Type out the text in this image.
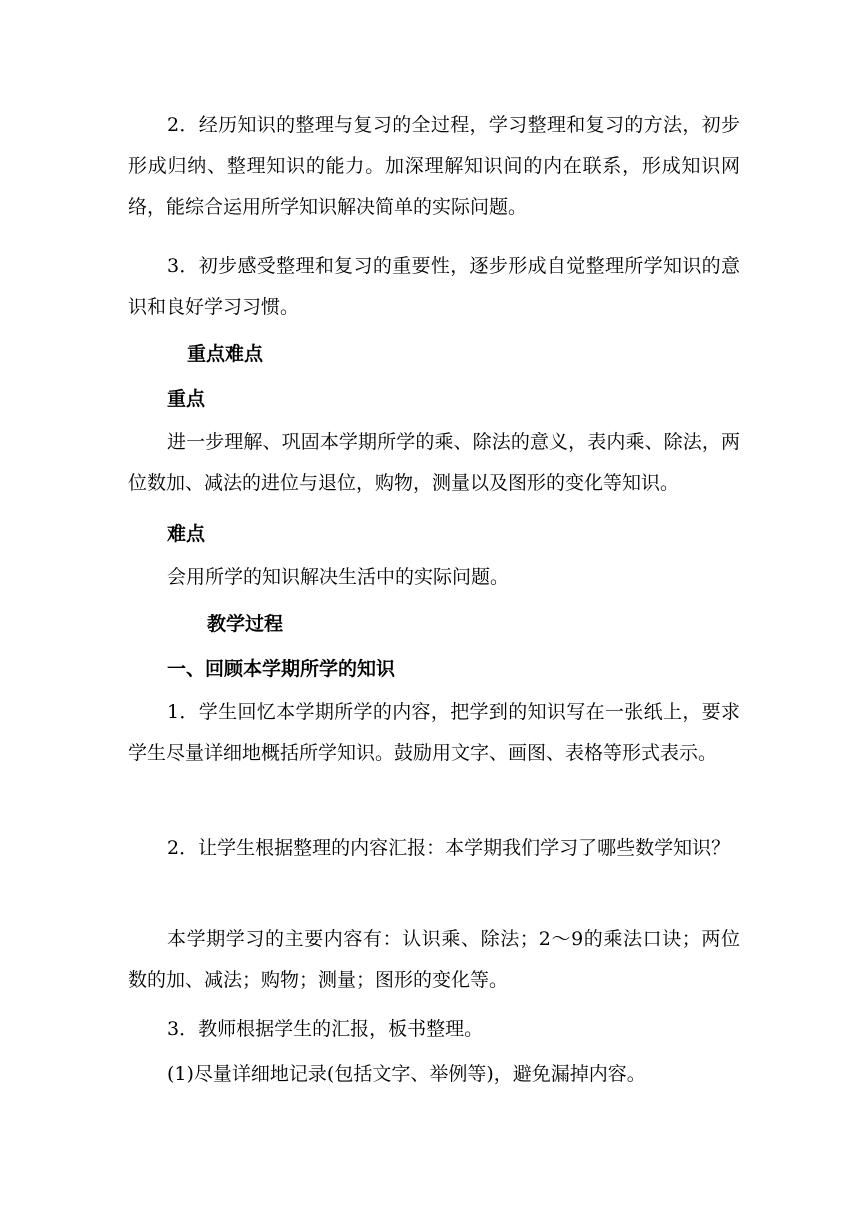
2．经历知识的整理与复习的全过程，学习整理和复习的方法，初步形成归纳、整理知识的能力。加深理解知识间的内在联系，形成知识网络，能综合运用所学知识解决简单的实际问题。

3．初步感受整理和复习的重要性，逐步形成自觉整理所学知识的意识和良好学习习惯。

重点难点

重点

进一步理解、巩固本学期所学的乘、除法的意义，表内乘、除法，两位数加、减法的进位与退位，购物，测量以及图形的变化等知识。

难点

会用所学的知识解决生活中的实际问题。

教学过程

一、回顾本学期所学的知识

1．学生回忆本学期所学的内容，把学到的知识写在一张纸上，要求学生尽量详细地概括所学知识。鼓励用文字、画图、表格等形式表示。

2．让学生根据整理的内容汇报：本学期我们学习了哪些数学知识？

本学期学习的主要内容有：认识乘、除法；2～9的乘法口诀；两位数的加、减法；购物；测量；图形的变化等。

3．教师根据学生的汇报，板书整理。

(1)尽量详细地记录(包括文字、举例等)，避免漏掉内容。
